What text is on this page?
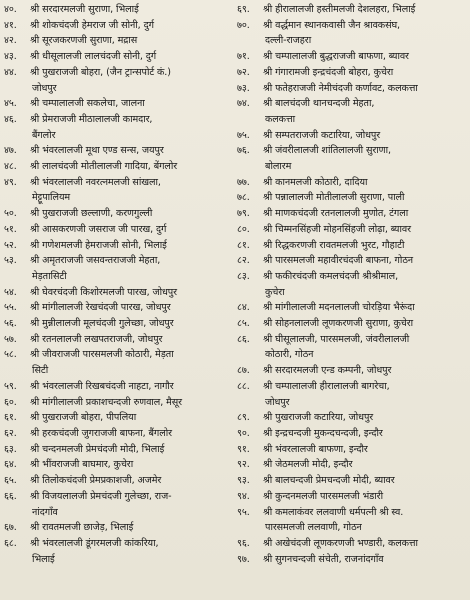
४०.	श्री सरदारमलजी सुराणा, भिलाई
४१.	श्री शोकचंदजी हेमराज जी सोनी, दुर्ग
४२.	श्री सूरजकरणजी सुराणा, मद्रास
४३.	श्री धीसूलालजी लालचंदजी सोनी, दुर्ग
४४.	श्री पुखराजजी बोहरा, (जैन ट्रान्सपोर्ट कं.)
जोधपुर
४५.	श्री चम्पालालजी सकलेचा, जालना
४६.	श्री प्रेमराजजी मीठालालजी कामदार,
बैंगलोर
४७.	श्री भंवरलालजी मूथा एण्ड सन्स, जयपुर
४८.	श्री लालचंदजी मोतीलालजी गादिया, बेंगलोर
४९.	श्री भंवरलालजी नवरत्नमलजी सांखला,
मेट्टूपालियम
५०.	श्री पुखराजजी छल्लाणी, करणगुल्ली
५१.	श्री आसकरणजी जसराज जी पारख, दुर्ग
५२.	श्री गणेशमलजी हेमराजजी सोनी, भिलाई
५३.	श्री अमृतराजजी जसवन्तराजजी मेहता,
मेड़तासिटी
५४.	श्री घेवरचंदजी किशोरमलजी पारख, जोधपुर
५५.	श्री मांगीलालजी रेखचंदजी पारख, जोधपुर
५६.	श्री मुन्नीलालजी मूलचंदजी गुलेच्छा, जोधपुर
५७.	श्री रतनलालजी लखपतराजजी, जोधपुर
५८.	श्री जीवराजजी पारसमलजी कोठारी, मेड़ता
सिटी
५९.	श्री भंवरलालजी रिखबचंदजी नाहटा, नागौर
६०.	श्री मांगीलालजी प्रकाशचन्दजी रुणवाल, मैसूर
६१.	श्री पुखराजजी बोहरा, पीपलिया
६२.	श्री हरकचंदजी जुगराजजी बाफना, बैंगलोर
६३.	श्री चन्दनमलजी प्रेमचंदजी मोदी, भिलाई
६४.	श्री भींवराजजी बाघमार, कुचेरा
६५.	श्री तिलोकचंदजी प्रेमप्रकाशजी, अजमेर
६६.	श्री विजयलालजी प्रेमचंदजी गुलेच्छा, राज-
नांदगाँव
६७.	श्री रावतमलजी छाजेड़, भिलाई
६८.	श्री भंवरलालजी डूंगरमलजी कांकरिया,
भिलाई
६९.	श्री हीरालालजी हस्तीमलजी देशलहरा, भिलाई
७०.	श्री वर्द्धमान स्थानकवासी जैन श्रावकसंघ,
दल्ली-राजहरा
७१.	श्री चम्पालालजी बुद्धराजजी बाफणा, ब्यावर
७२.	श्री गंगारामजी इन्द्रचंदजी बोहरा, कुचेरा
७३.	श्री फतेहराजजी नेमीचंदजी कर्णावट, कलकत्ता
७४.	श्री बालचंदजी थानचन्दजी मेहता,
कलकत्ता
७५.	श्री सम्पतराजजी कटारिया, जोधपुर
७६.	श्री जंवरीलालजी शांतिलालजी सुराणा,
बोलारम
७७.	श्री कानमलजी कोठारी, दादिया
७८.	श्री पन्नालालजी मोतीलालजी सुराणा, पाली
७९.	श्री माणकचंदजी रतनलालजी मुणोत, टंगला
८०.	श्री चिम्मनसिंहजी मोहनसिंहजी लोढ़ा, ब्यावर
८१.	श्री रिद्धकरणजी रावतमलजी भुरट, गौहाटी
८२.	श्री पारसमलजी महावीरचंदजी बाफना, गोठन
८३.	श्री फकीरचंदजी कमलचंदजी श्रीश्रीमाल,
कुचेरा
८४.	श्री मांगीलालजी मदनलालजी चोरड़िया भैरूंदा
८५.	श्री सोहनलालजी लूणकरणजी सुराणा, कुचेरा
८६.	श्री घीसूलालजी, पारसमलजी, जंवरीलालजी
कोठारी, गोठन
८७.	श्री सरदारमलजी एन्ड कम्पनी, जोधपुर
८८.	श्री चम्पालालजी हीरालालजी बागरेचा,
जोधपुर
८९.	श्री पुखराजजी कटारिया, जोधपुर
९०.	श्री इन्द्रचन्दजी मुकन्दचन्दजी, इन्दौर
९१.	श्री भंवरलालजी बाफणा, इन्दौर
९२.	श्री जेठमलजी मोदी, इन्दौर
९३.	श्री बालचन्दजी प्रेमचन्दजी मोदी, ब्यावर
९४.	श्री कुन्दनमलजी पारसमलजी भंडारी
९५.	श्री कमलाकंवर ललवाणी धर्मपत्नी श्री स्व.
पारसमलजी ललवाणी, गोठन
९६.	श्री अखेचंदजी लूणकरणजी भण्डारी, कलकत्ता
९७.	श्री सुगनचन्दजी संचेती, राजनांदगाँव
